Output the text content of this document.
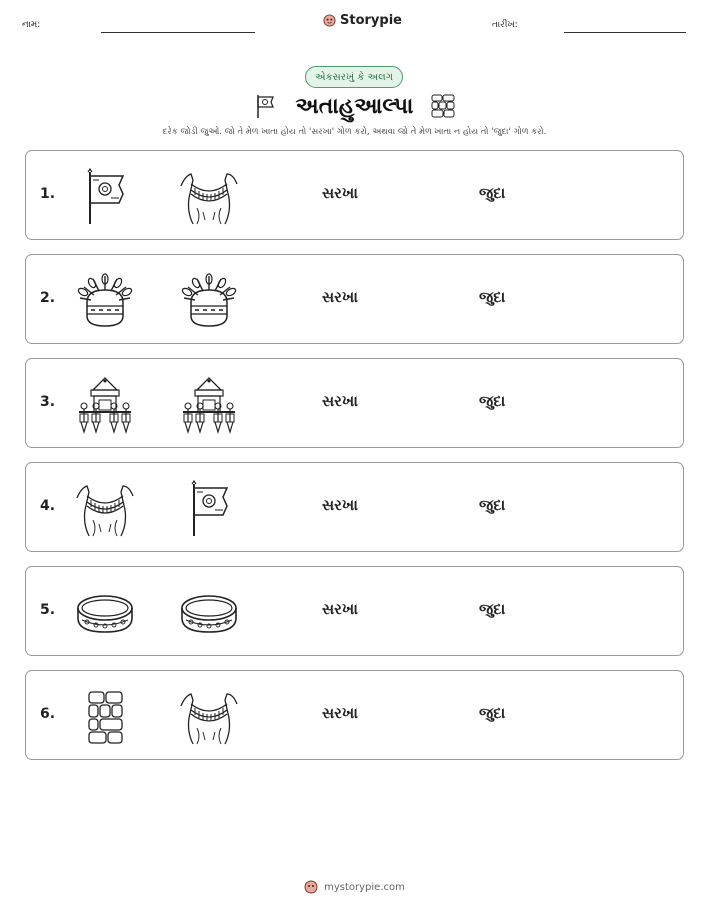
નામ:	Storypie	તારીખ:
એકસરખું કે અલગ
અતાહુઆલ્પા
દરેક જોડી જુઓ. જો તે મેળ ખાતા હોય તો 'સરખા' ગોળ કરો, અથવા જો તે મેળ ખાતા ન હોય તો 'જુદા' ગોળ કરો.
1.	સરખા	જુદા
2.	સરખા	જુદા
3.	સરખા	જુદા
4.	સરખા	જુદા
5.	સરખા	જુદા
6.	સરખા	જુદા
mystorypie.com
